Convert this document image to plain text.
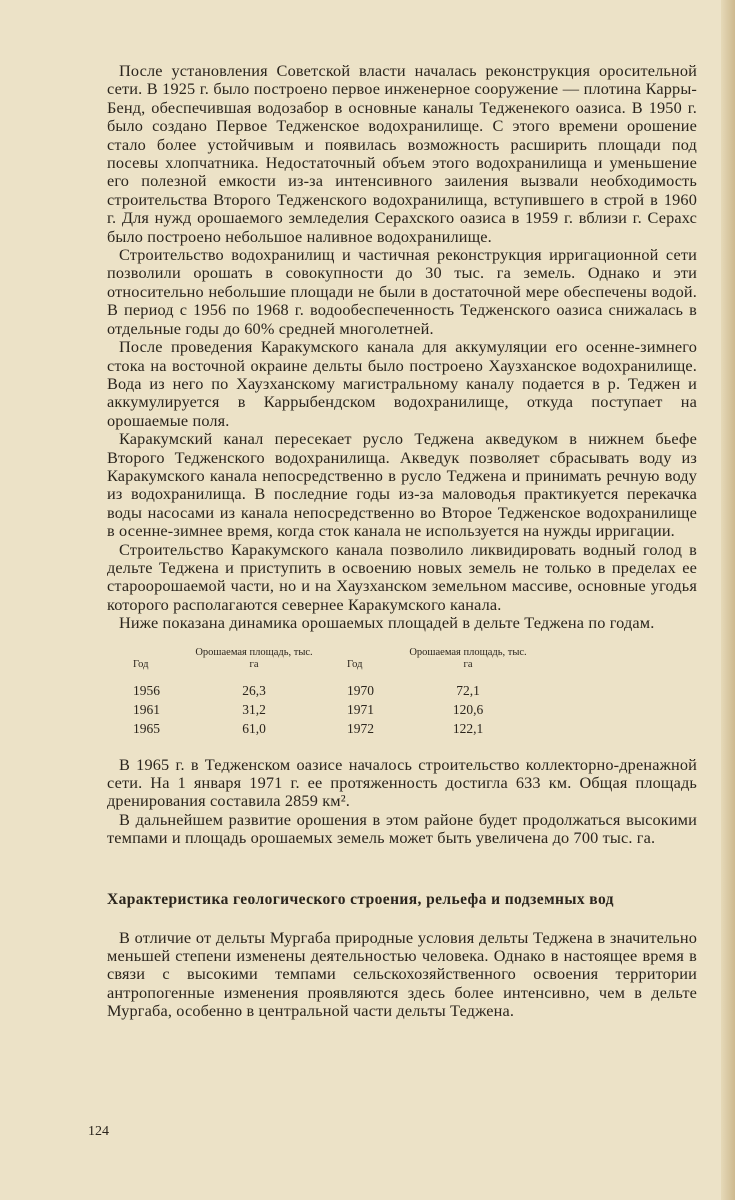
После установления Советской власти началась реконструкция оросительной сети. В 1925 г. было построено первое инженерное сооружение — плотина Карры-Бенд, обеспечившая водозабор в основные каналы Тедженекого оазиса. В 1950 г. было создано Первое Тедженское водохранилище. С этого времени орошение стало более устойчивым и появилась возможность расширить площади под посевы хлопчатника. Недостаточный объем этого водохранилища и уменьшение его полезной емкости из-за интенсивного заиления вызвали необходимость строительства Второго Тедженского водохранилища, вступившего в строй в 1960 г. Для нужд орошаемого земледелия Серахского оазиса в 1959 г. вблизи г. Серахс было построено небольшое наливное водохранилище.

Строительство водохранилищ и частичная реконструкция ирригационной сети позволили орошать в совокупности до 30 тыс. га земель. Однако и эти относительно небольшие площади не были в достаточной мере обеспечены водой. В период с 1956 по 1968 г. водообеспеченность Тедженского оазиса снижалась в отдельные годы до 60% средней многолетней.

После проведения Каракумского канала для аккумуляции его осенне-зимнего стока на восточной окраине дельты было построено Хаузханское водохранилище. Вода из него по Хаузханскому магистральному каналу подается в р. Теджен и аккумулируется в Каррыбендском водохранилище, откуда поступает на орошаемые поля.

Каракумский канал пересекает русло Теджена акведуком в нижнем бьефе Второго Тедженского водохранилища. Акведук позволяет сбрасывать воду из Каракумского канала непосредственно в русло Теджена и принимать речную воду из водохранилища. В последние годы из-за маловодья практикуется перекачка воды насосами из канала непосредственно во Второе Тедженское водохранилище в осенне-зимнее время, когда сток канала не используется на нужды ирригации.

Строительство Каракумского канала позволило ликвидировать водный голод в дельте Теджена и приступить в освоению новых земель не только в пределах ее староорошаемой части, но и на Хаузханском земельном массиве, основные угодья которого располагаются севернее Каракумского канала.

Ниже показана динамика орошаемых площадей в дельте Теджена по годам.

Год	Орошаемая площадь, тыс. га		Год	Орошаемая площадь, тыс. га
1956	26,3		1970	72,1
1961	31,2		1971	120,6
1965	61,0		1972	122,1

В 1965 г. в Тедженском оазисе началось строительство коллекторно-дренажной сети. На 1 января 1971 г. ее протяженность достигла 633 км. Общая площадь дренирования составила 2859 км².

В дальнейшем развитие орошения в этом районе будет продолжаться высокими темпами и площадь орошаемых земель может быть увеличена до 700 тыс. га.

Характеристика геологического строения, рельефа и подземных вод

В отличие от дельты Мургаба природные условия дельты Теджена в значительно меньшей степени изменены деятельностью человека. Однако в настоящее время в связи с высокими темпами сельскохозяйственного освоения территории антропогенные изменения проявляются здесь более интенсивно, чем в дельте Мургаба, особенно в центральной части дельты Теджена.

124
